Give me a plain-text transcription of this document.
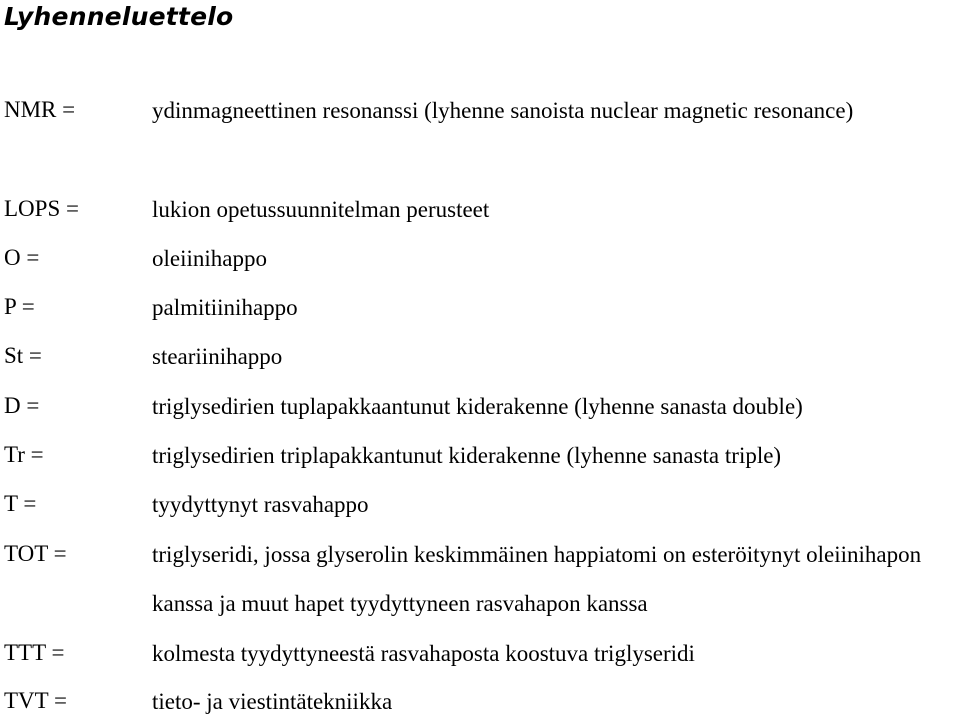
Lyhenneluettelo
NMR =	ydinmagneettinen resonanssi (lyhenne sanoista nuclear magnetic resonance)
LOPS =	lukion opetussuunnitelman perusteet
O =	oleiinihappo
P =	palmitiinihappo
St =	steariinihappo
D =	triglysedirien tuplapakkaantunut kiderakenne (lyhenne sanasta double)
Tr =	triglysedirien triplapakkantunut kiderakenne (lyhenne sanasta triple)
T =	tyydyttynyt rasvahappo
TOT =	triglyseridi, jossa glyserolin keskimmäinen happiatomi on esteröitynyt oleiinihapon kanssa ja muut hapet tyydyttyneen rasvahapon kanssa
TTT =	kolmesta tyydyttyneestä rasvahaposta koostuva triglyseridi
TVT =	tieto- ja viestintätekniikka
